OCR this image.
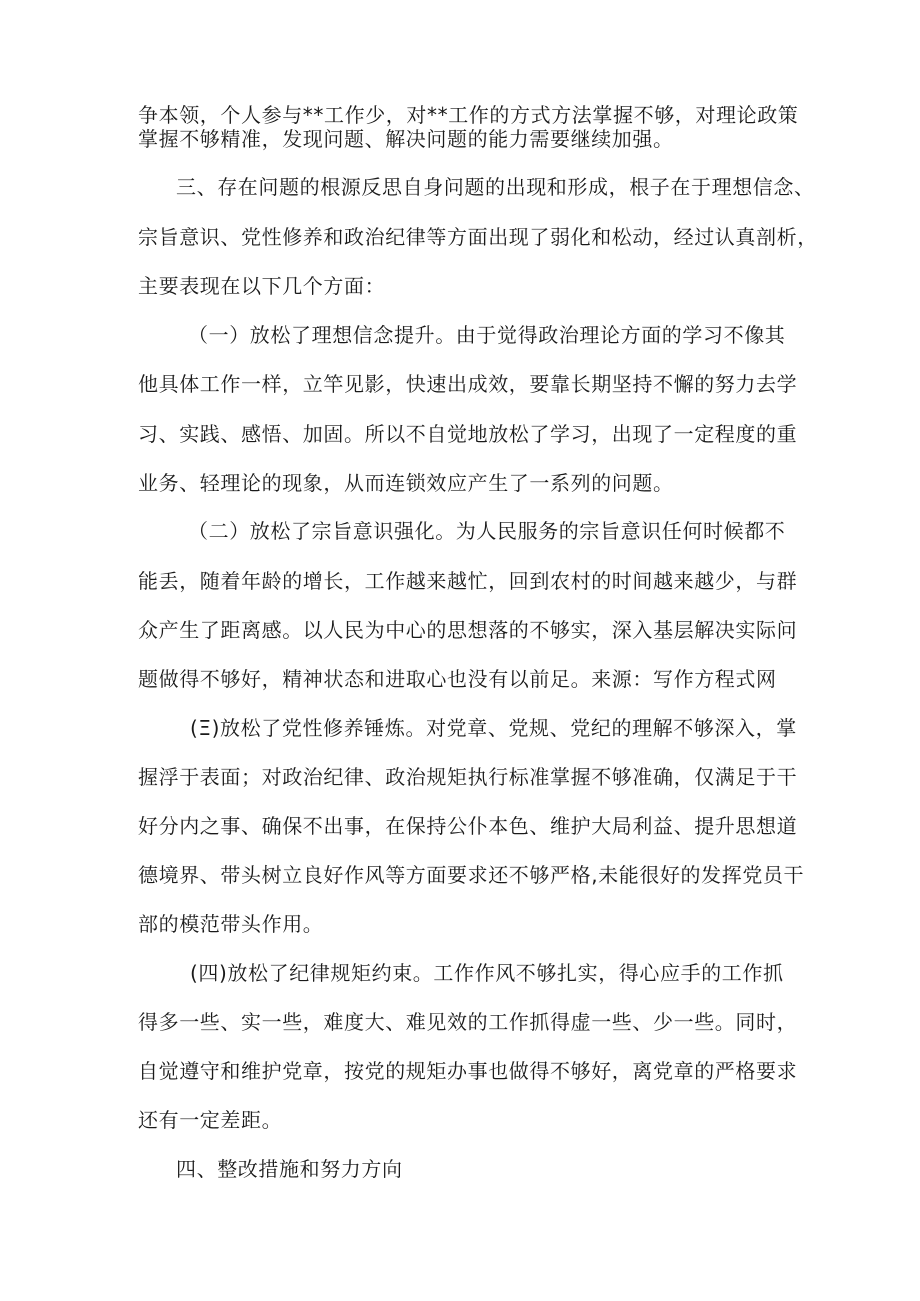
争本领，个人参与**工作少，对**工作的方式方法掌握不够，对理论政策
掌握不够精准，发现问题、解决问题的能力需要继续加强。
三、存在问题的根源反思自身问题的出现和形成，根子在于理想信念、
宗旨意识、党性修养和政治纪律等方面出现了弱化和松动，经过认真剖析，
主要表现在以下几个方面：
（一）放松了理想信念提升。由于觉得政治理论方面的学习不像其
他具体工作一样，立竿见影，快速出成效，要靠长期坚持不懈的努力去学
习、实践、感悟、加固。所以不自觉地放松了学习，出现了一定程度的重
业务、轻理论的现象，从而连锁效应产生了一系列的问题。
（二）放松了宗旨意识强化。为人民服务的宗旨意识任何时候都不
能丢，随着年龄的增长，工作越来越忙，回到农村的时间越来越少，与群
众产生了距离感。以人民为中心的思想落的不够实，深入基层解决实际问
题做得不够好，精神状态和进取心也没有以前足。来源：写作方程式网
(Ξ)放松了党性修养锤炼。对党章、党规、党纪的理解不够深入，掌
握浮于表面；对政治纪律、政治规矩执行标准掌握不够准确，仅满足于干
好分内之事、确保不出事，在保持公仆本色、维护大局利益、提升思想道
德境界、带头树立良好作风等方面要求还不够严格,未能很好的发挥党员干
部的模范带头作用。
(四)放松了纪律规矩约束。工作作风不够扎实，得心应手的工作抓
得多一些、实一些，难度大、难见效的工作抓得虚一些、少一些。同时，
自觉遵守和维护党章，按党的规矩办事也做得不够好，离党章的严格要求
还有一定差距。
四、整改措施和努力方向
